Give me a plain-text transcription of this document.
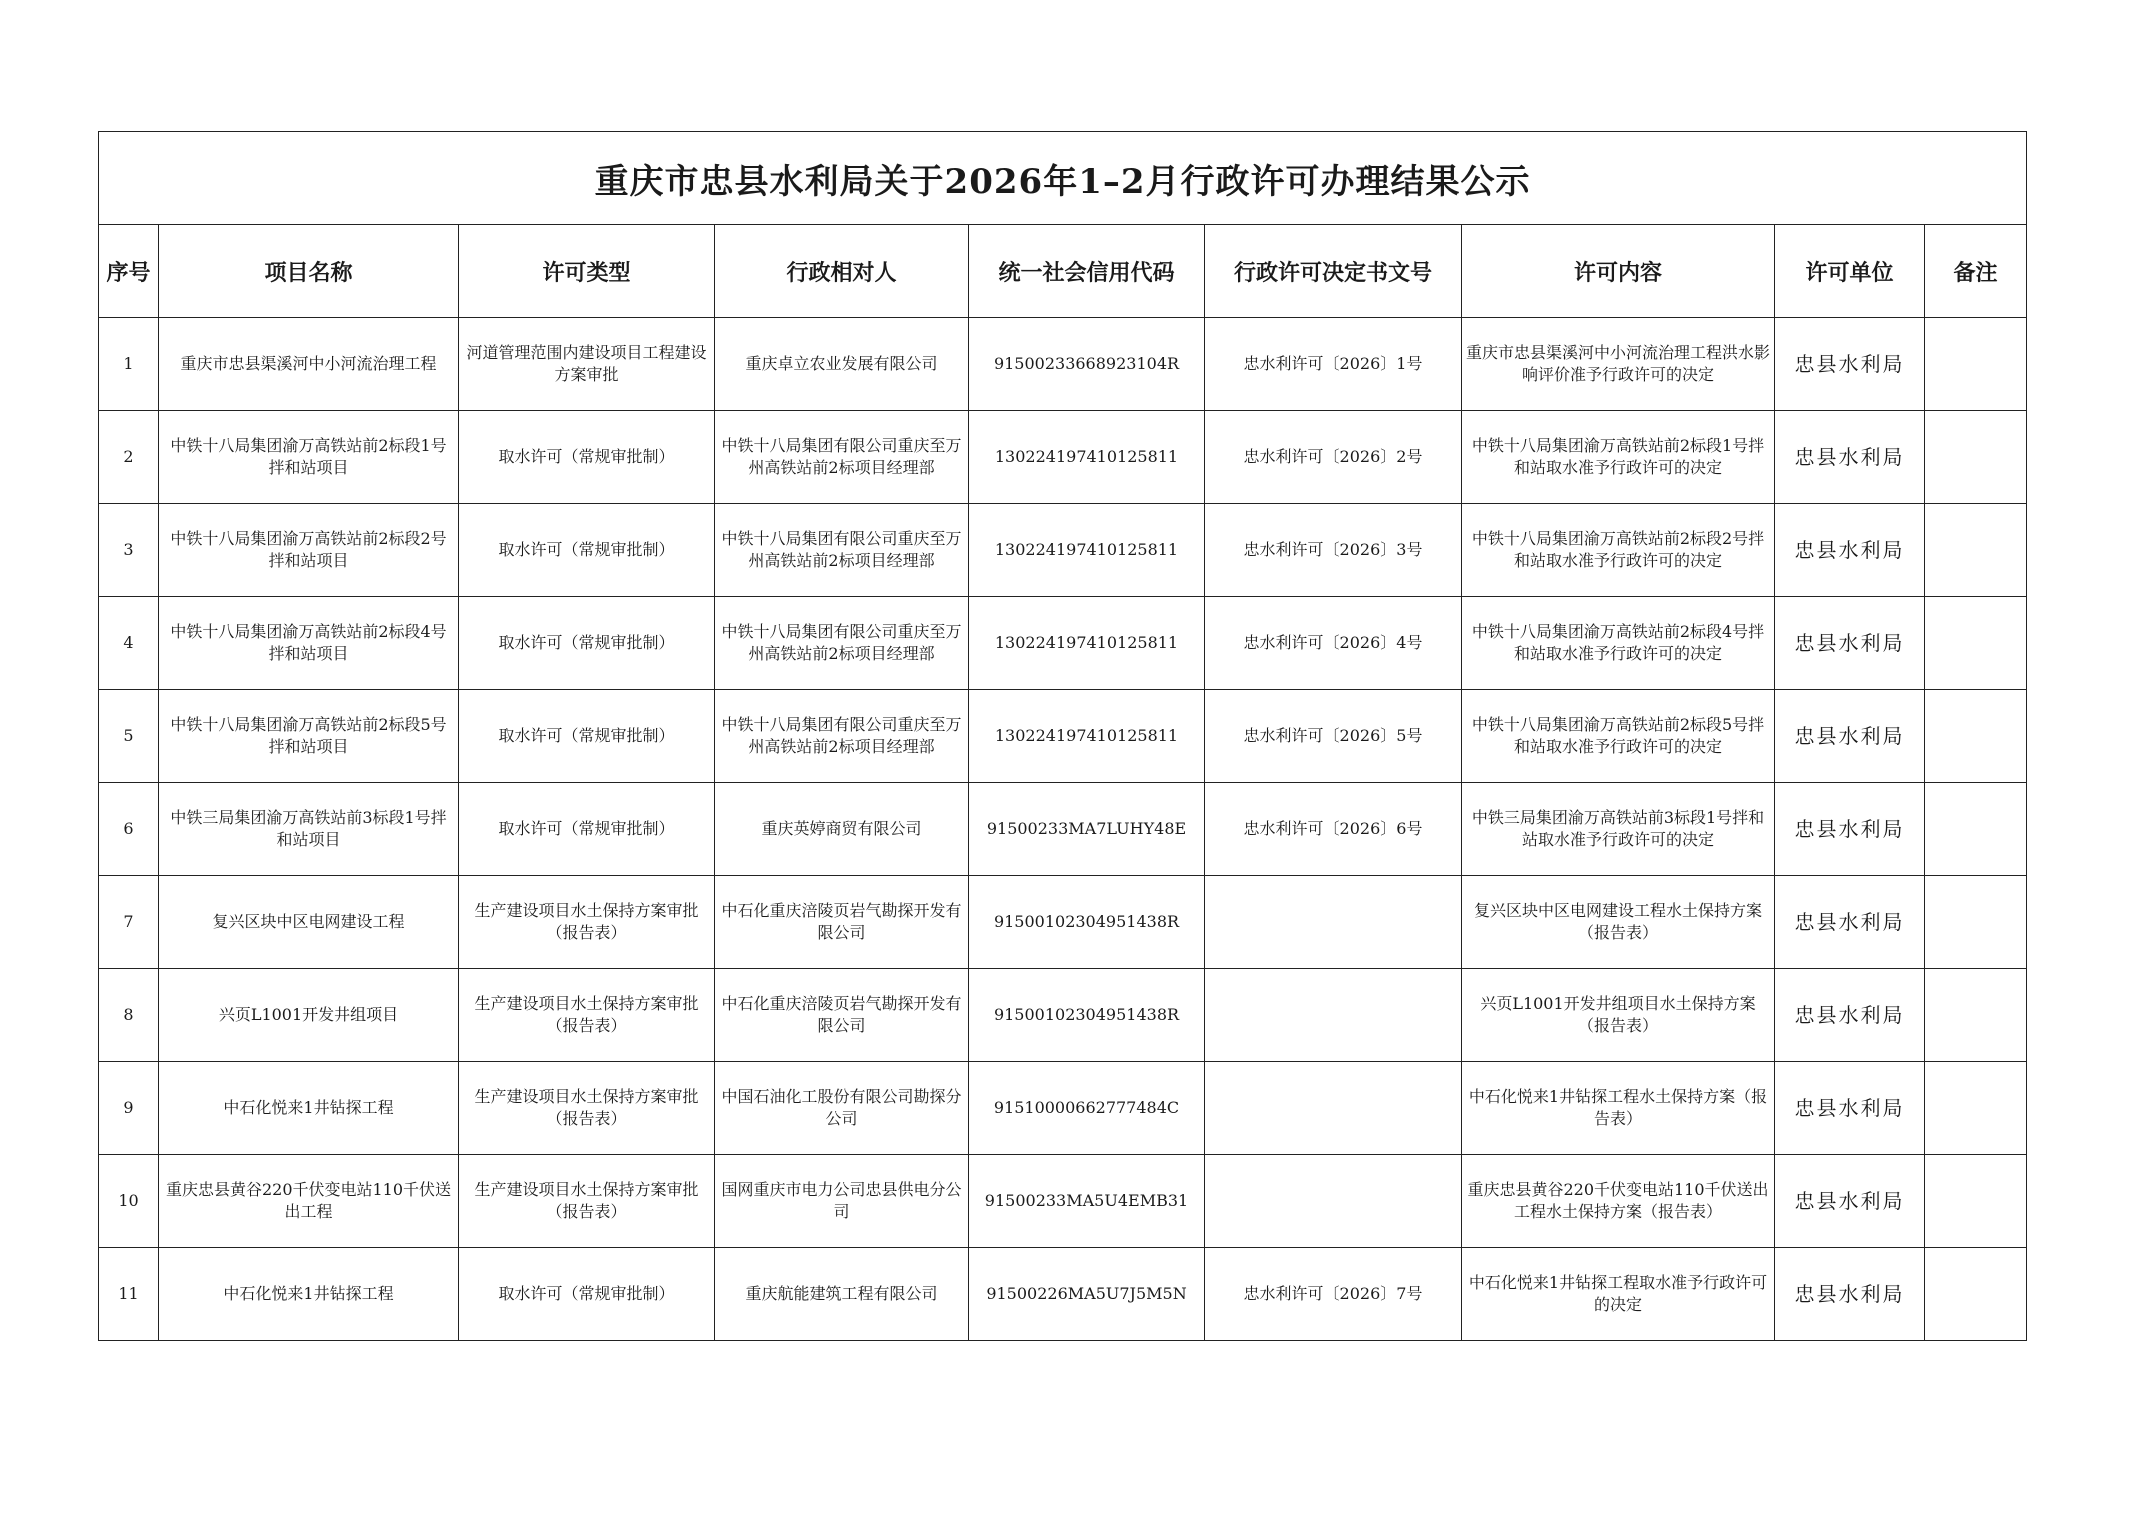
重庆市忠县水利局关于2026年1–2月行政许可办理结果公示								
序号	项目名称	许可类型	行政相对人	统一社会信用代码	行政许可决定书文号	许可内容	许可单位	备注
1	重庆市忠县渠溪河中小河流治理工程	河道管理范围内建设项目工程建设方案审批	重庆卓立农业发展有限公司	91500233668923104R	忠水利许可〔2026〕1号	重庆市忠县渠溪河中小河流治理工程洪水影响评价准予行政许可的决定	忠县水利局	
2	中铁十八局集团渝万高铁站前2标段1号拌和站项目	取水许可（常规审批制）	中铁十八局集团有限公司重庆至万州高铁站前2标项目经理部	130224197410125811	忠水利许可〔2026〕2号	中铁十八局集团渝万高铁站前2标段1号拌和站取水准予行政许可的决定	忠县水利局	
3	中铁十八局集团渝万高铁站前2标段2号拌和站项目	取水许可（常规审批制）	中铁十八局集团有限公司重庆至万州高铁站前2标项目经理部	130224197410125811	忠水利许可〔2026〕3号	中铁十八局集团渝万高铁站前2标段2号拌和站取水准予行政许可的决定	忠县水利局	
4	中铁十八局集团渝万高铁站前2标段4号拌和站项目	取水许可（常规审批制）	中铁十八局集团有限公司重庆至万州高铁站前2标项目经理部	130224197410125811	忠水利许可〔2026〕4号	中铁十八局集团渝万高铁站前2标段4号拌和站取水准予行政许可的决定	忠县水利局	
5	中铁十八局集团渝万高铁站前2标段5号拌和站项目	取水许可（常规审批制）	中铁十八局集团有限公司重庆至万州高铁站前2标项目经理部	130224197410125811	忠水利许可〔2026〕5号	中铁十八局集团渝万高铁站前2标段5号拌和站取水准予行政许可的决定	忠县水利局	
6	中铁三局集团渝万高铁站前3标段1号拌和站项目	取水许可（常规审批制）	重庆英婷商贸有限公司	91500233MA7LUHY48E	忠水利许可〔2026〕6号	中铁三局集团渝万高铁站前3标段1号拌和站取水准予行政许可的决定	忠县水利局	
7	复兴区块中区电网建设工程	生产建设项目水土保持方案审批（报告表）	中石化重庆涪陵页岩气勘探开发有限公司	91500102304951438R		复兴区块中区电网建设工程水土保持方案（报告表）	忠县水利局	
8	兴页L1001开发井组项目	生产建设项目水土保持方案审批（报告表）	中石化重庆涪陵页岩气勘探开发有限公司	91500102304951438R		兴页L1001开发井组项目水土保持方案（报告表）	忠县水利局	
9	中石化悦来1井钻探工程	生产建设项目水土保持方案审批（报告表）	中国石油化工股份有限公司勘探分公司	91510000662777484C		中石化悦来1井钻探工程水土保持方案（报告表）	忠县水利局	
10	重庆忠县黄谷220千伏变电站110千伏送出工程	生产建设项目水土保持方案审批（报告表）	国网重庆市电力公司忠县供电分公司	91500233MA5U4EMB31		重庆忠县黄谷220千伏变电站110千伏送出工程水土保持方案（报告表）	忠县水利局	
11	中石化悦来1井钻探工程	取水许可（常规审批制）	重庆航能建筑工程有限公司	91500226MA5U7J5M5N	忠水利许可〔2026〕7号	中石化悦来1井钻探工程取水准予行政许可的决定	忠县水利局	
